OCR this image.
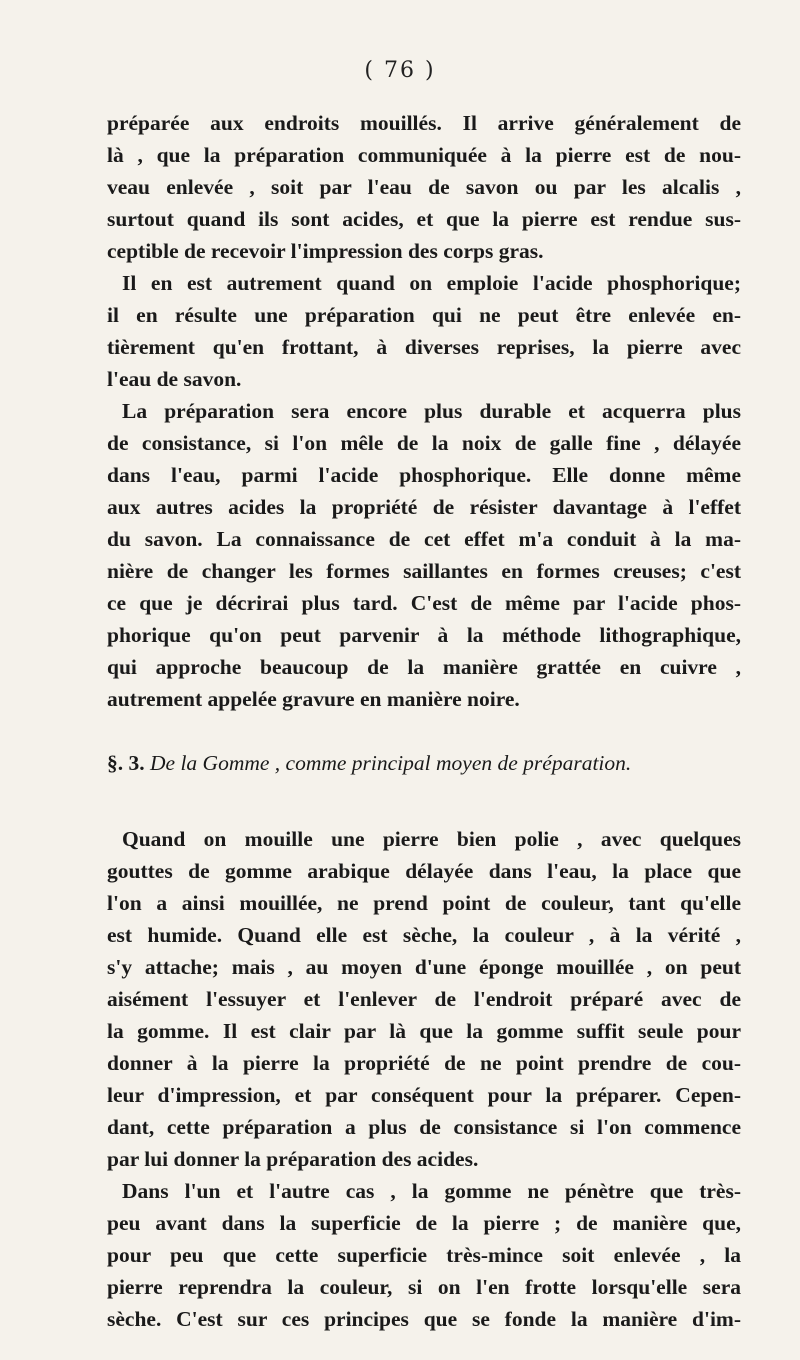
( 76 )
préparée aux endroits mouillés. Il arrive généralement de
là , que la préparation communiquée à la pierre est de nou-
veau enlevée , soit par l'eau de savon ou par les alcalis ,
surtout quand ils sont acides, et que la pierre est rendue sus-
ceptible de recevoir l'impression des corps gras.
Il en est autrement quand on emploie l'acide phosphorique;
il en résulte une préparation qui ne peut être enlevée en-
tièrement qu'en frottant, à diverses reprises, la pierre avec
l'eau de savon.
La préparation sera encore plus durable et acquerra plus
de consistance, si l'on mêle de la noix de galle fine , délayée
dans l'eau, parmi l'acide phosphorique. Elle donne même
aux autres acides la propriété de résister davantage à l'effet
du savon. La connaissance de cet effet m'a conduit à la ma-
nière de changer les formes saillantes en formes creuses; c'est
ce que je décrirai plus tard. C'est de même par l'acide phos-
phorique qu'on peut parvenir à la méthode lithographique,
qui approche beaucoup de la manière grattée en cuivre ,
autrement appelée gravure en manière noire.
§. 3. De la Gomme , comme principal moyen de préparation.
Quand on mouille une pierre bien polie , avec quelques
gouttes de gomme arabique délayée dans l'eau, la place que
l'on a ainsi mouillée, ne prend point de couleur, tant qu'elle
est humide. Quand elle est sèche, la couleur , à la vérité ,
s'y attache; mais , au moyen d'une éponge mouillée , on peut
aisément l'essuyer et l'enlever de l'endroit préparé avec de
la gomme. Il est clair par là que la gomme suffit seule pour
donner à la pierre la propriété de ne point prendre de cou-
leur d'impression, et par conséquent pour la préparer. Cepen-
dant, cette préparation a plus de consistance si l'on commence
par lui donner la préparation des acides.
Dans l'un et l'autre cas , la gomme ne pénètre que très-
peu avant dans la superficie de la pierre ; de manière que,
pour peu que cette superficie très-mince soit enlevée , la
pierre reprendra la couleur, si on l'en frotte lorsqu'elle sera
sèche. C'est sur ces principes que se fonde la manière d'im-
